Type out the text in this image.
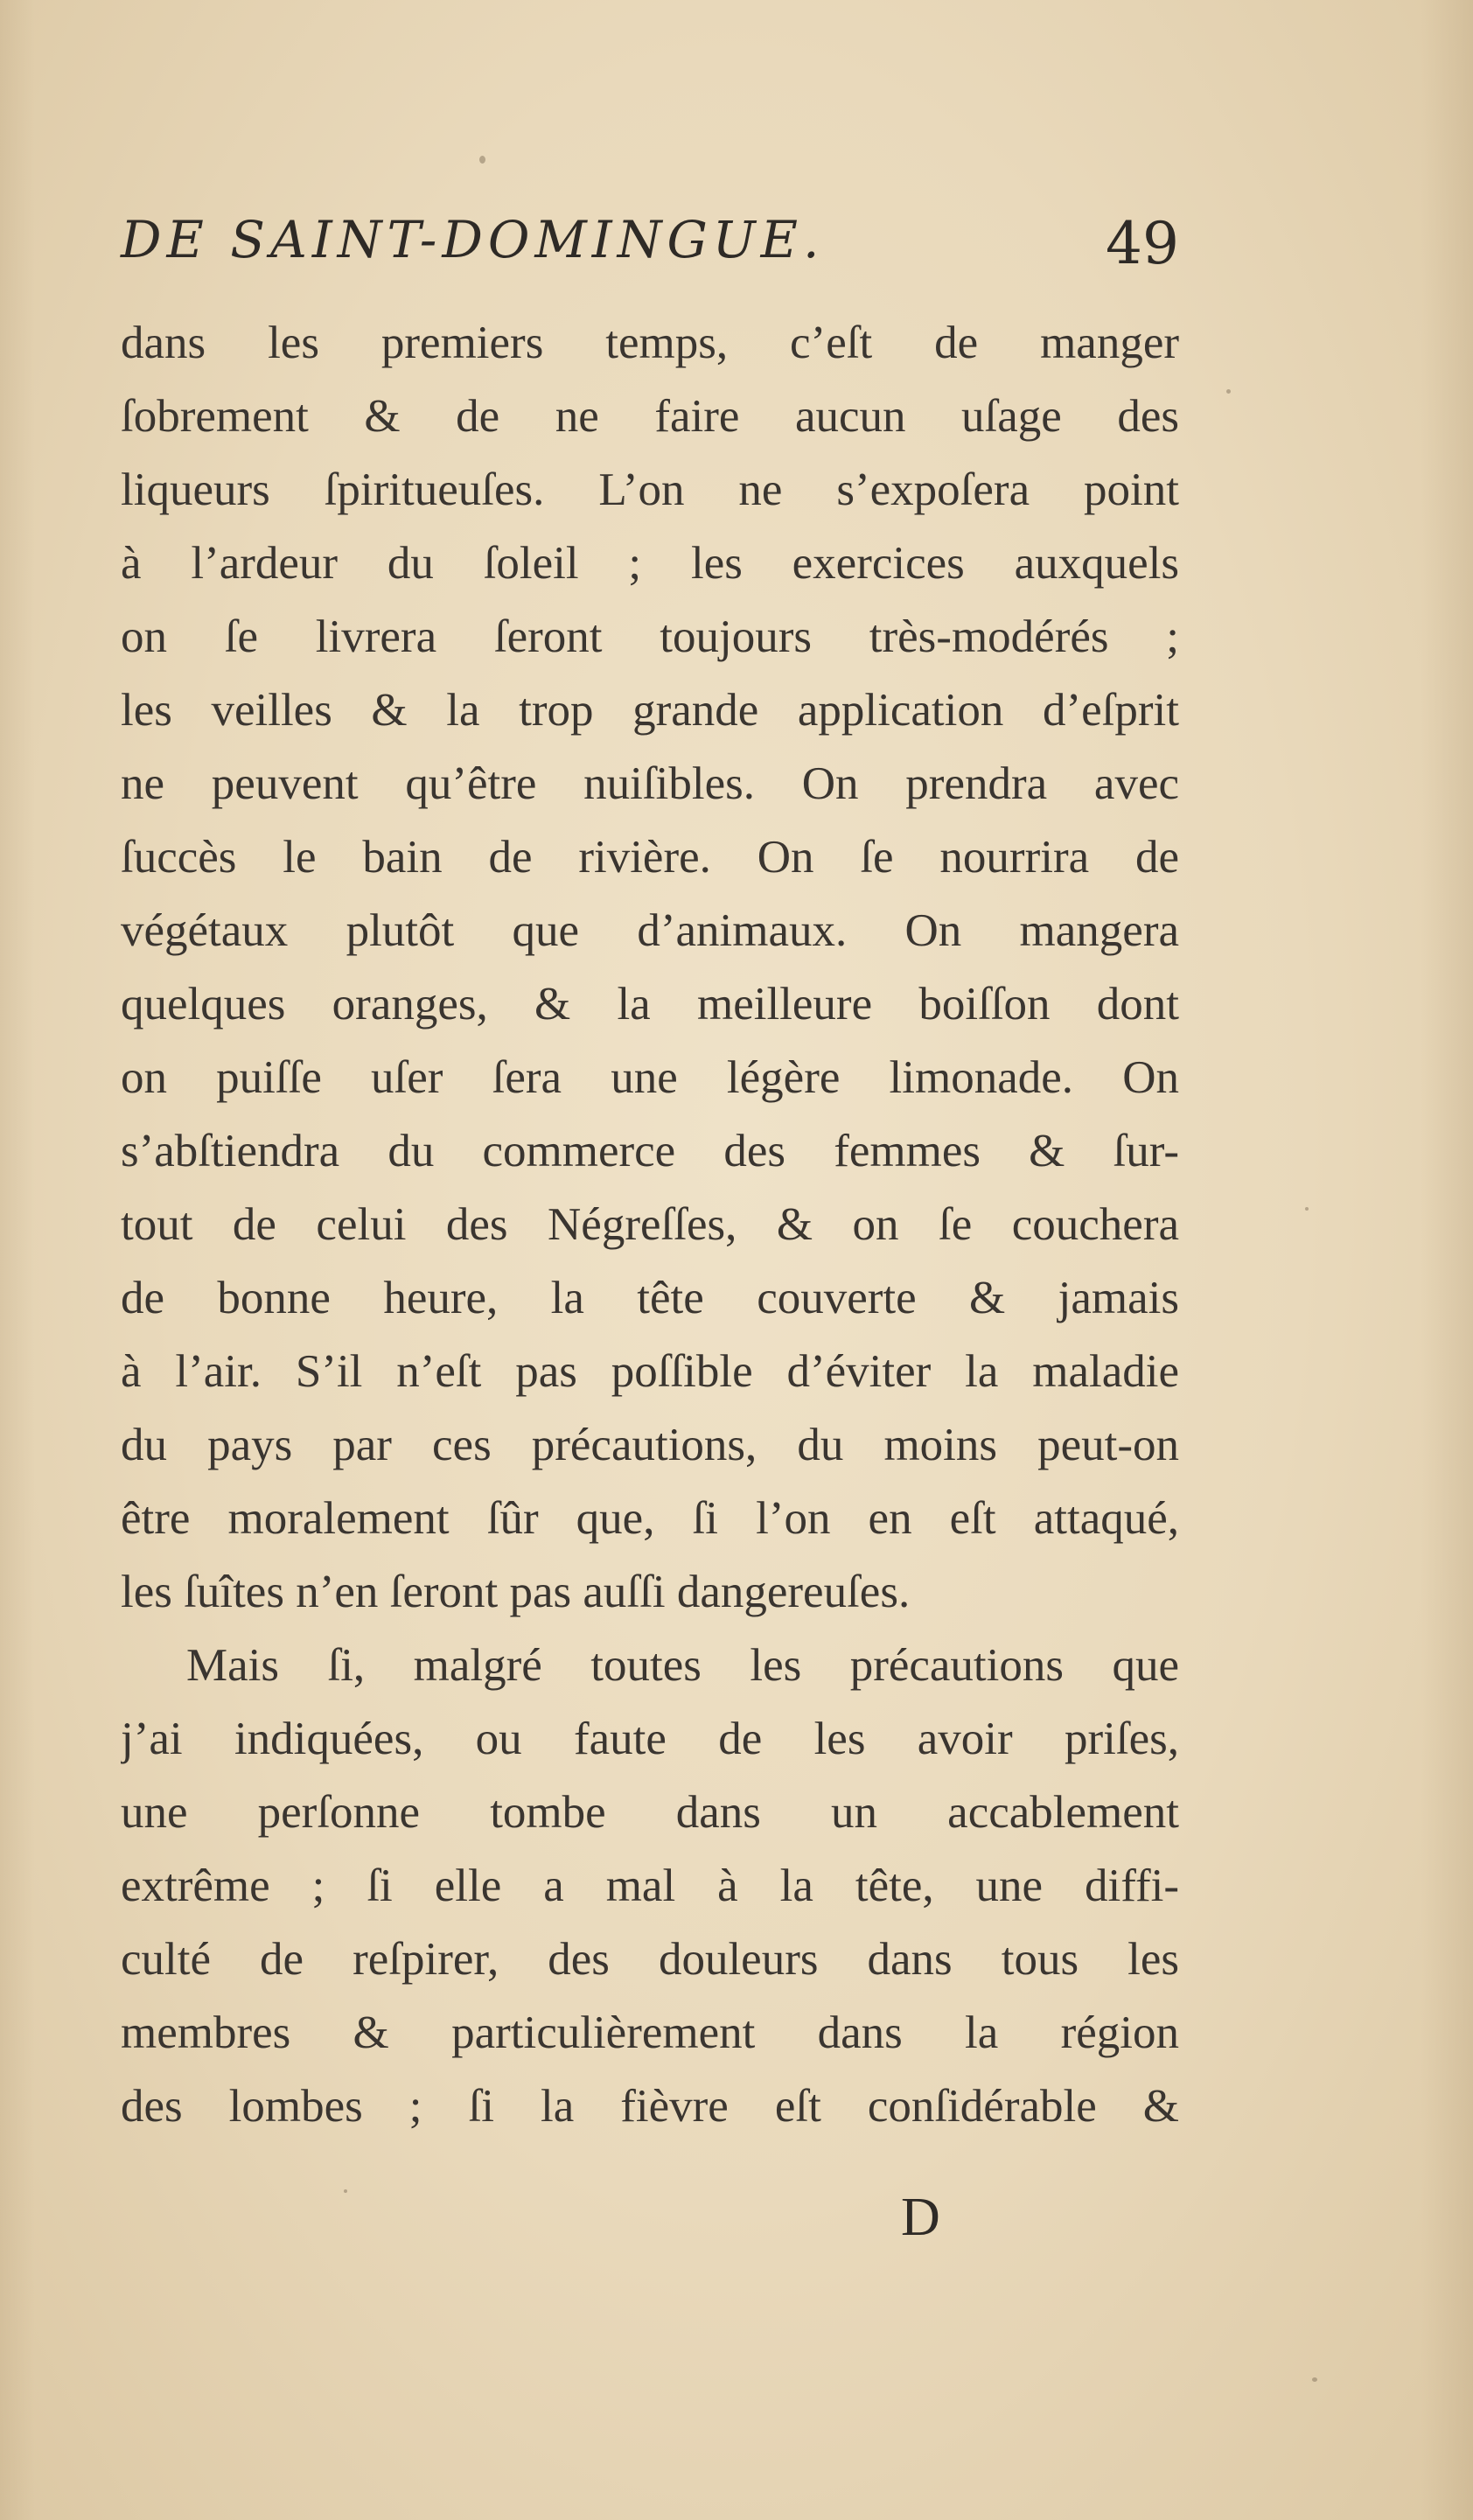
DE SAINT-DOMINGUE.	49
dans les premiers temps, c’eſt de manger
ſobrement & de ne faire aucun uſage des
liqueurs ſpiritueuſes. L’on ne s’expoſera point
à l’ardeur du ſoleil ; les exercices auxquels
on ſe livrera ſeront toujours très-modérés ;
les veilles & la trop grande application d’eſprit
ne peuvent qu’être nuiſibles. On prendra avec
ſuccès le bain de rivière. On ſe nourrira de
végétaux plutôt que d’animaux. On mangera
quelques oranges, & la meilleure boiſſon dont
on puiſſe uſer ſera une légère limonade. On
s’abſtiendra du commerce des femmes & ſur-
tout de celui des Négreſſes, & on ſe couchera
de bonne heure, la tête couverte & jamais
à l’air. S’il n’eſt pas poſſible d’éviter la maladie
du pays par ces précautions, du moins peut-on
être moralement ſûr que, ſi l’on en eſt attaqué,
les ſuîtes n’en ſeront pas auſſi dangereuſes.
Mais ſi, malgré toutes les précautions que
j’ai indiquées, ou faute de les avoir priſes,
une perſonne tombe dans un accablement
extrême ; ſi elle a mal à la tête, une diffi-
culté de reſpirer, des douleurs dans tous les
membres & particulièrement dans la région
des lombes ; ſi la fièvre eſt conſidérable &
D
